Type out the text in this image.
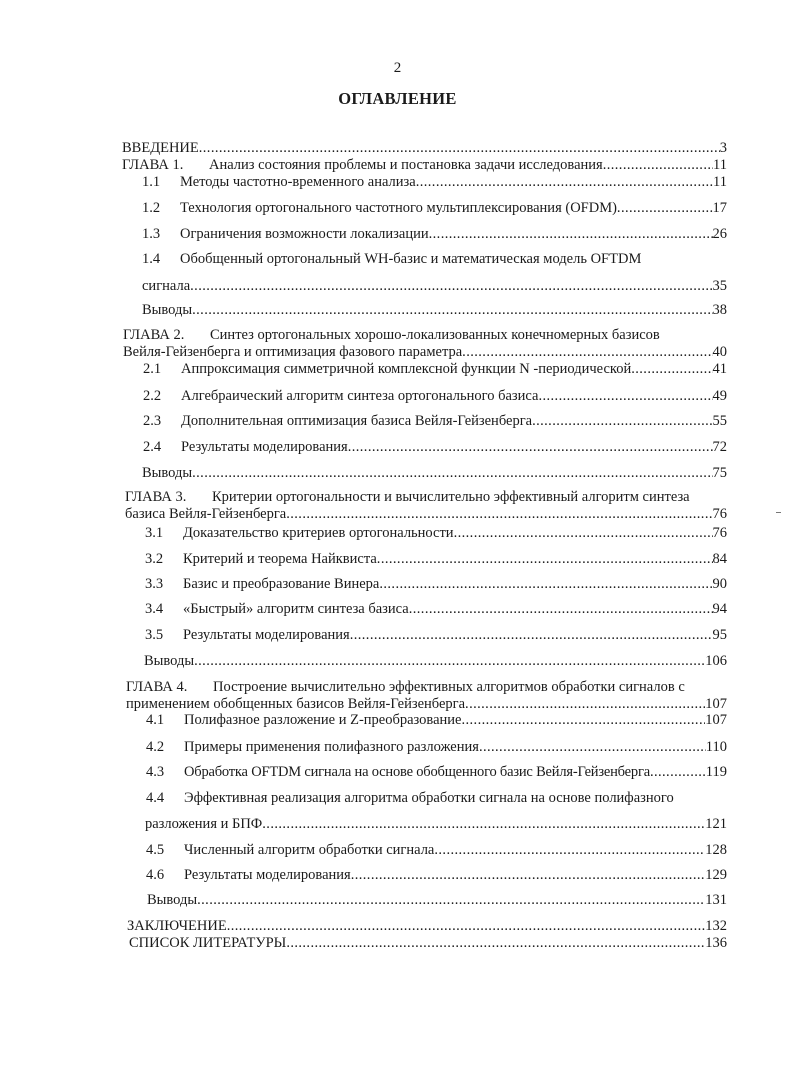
2
ОГЛАВЛЕНИЕ
ВВЕДЕНИЕ .....	3
ГЛАВА 1.	Анализ состояния проблемы и постановка задачи исследования .....	11
1.1	Методы частотно-временного анализа .....	11
1.2	Технология ортогонального частотного мультиплексирования (OFDM) .....	17
1.3	Ограничения возможности локализации .....	26
1.4	Обобщенный ортогональный WH-базис и математическая модель OFTDM
сигнала .....	35
Выводы .....	38
ГЛАВА 2.	Синтез ортогональных хорошо-локализованных конечномерных базисов
Вейля-Гейзенберга и оптимизация фазового параметра .....	40
2.1	Аппроксимация симметричной комплексной функции N -периодической .....	41
2.2	Алгебраический алгоритм синтеза ортогонального базиса .....	49
2.3	Дополнительная оптимизация базиса Вейля-Гейзенберга .....	55
2.4	Результаты моделирования .....	72
Выводы .....	75
ГЛАВА 3.	Критерии ортогональности и вычислительно эффективный алгоритм синтеза
базиса Вейля-Гейзенберга .....	76
3.1	Доказательство критериев ортогональности .....	76
3.2	Критерий и теорема Найквиста .....	84
3.3	Базис и преобразование Винера .....	90
3.4	«Быстрый» алгоритм синтеза базиса .....	94
3.5	Результаты моделирования .....	95
Выводы .....	106
ГЛАВА 4.	Построение вычислительно эффективных алгоритмов обработки сигналов с
применением обобщенных базисов Вейля-Гейзенберга .....	107
4.1	Полифазное разложение и Z-преобразование .....	107
4.2	Примеры применения полифазного разложения .....	110
4.3	Обработка OFTDM сигнала на основе обобщенного базис Вейля-Гейзенберга .....	119
4.4	Эффективная реализация алгоритма обработки сигнала на основе полифазного
разложения и БПФ .....	121
4.5	Численный алгоритм обработки сигнала .....	128
4.6	Результаты моделирования .....	129
Выводы .....	131
ЗАКЛЮЧЕНИЕ .....	132
СПИСОК ЛИТЕРАТУРЫ .....	136
